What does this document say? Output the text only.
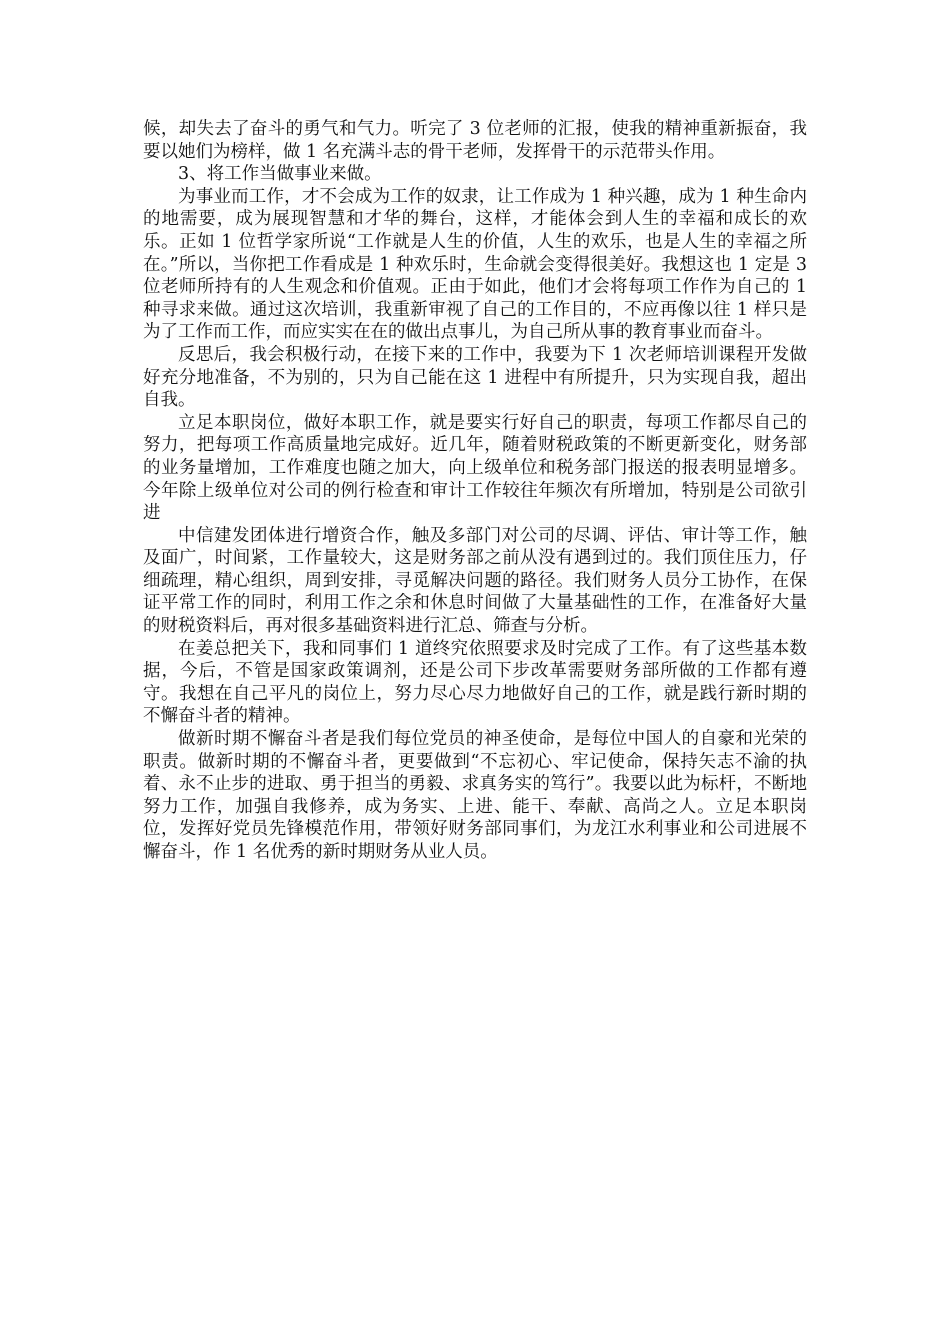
候，却失去了奋斗的勇气和气力。听完了 3 位老师的汇报，使我的精神重新振奋，我要以她们为榜样，做 1 名充满斗志的骨干老师，发挥骨干的示范带头作用。

3、将工作当做事业来做。

为事业而工作，才不会成为工作的奴隶，让工作成为 1 种兴趣，成为 1 种生命内的地需要，成为展现智慧和才华的舞台，这样，才能体会到人生的幸福和成长的欢乐。正如 1 位哲学家所说“工作就是人生的价值，人生的欢乐，也是人生的幸福之所在。”所以，当你把工作看成是 1 种欢乐时，生命就会变得很美好。我想这也 1 定是 3 位老师所持有的人生观念和价值观。正由于如此，他们才会将每项工作作为自己的 1 种寻求来做。通过这次培训，我重新审视了自己的工作目的，不应再像以往 1 样只是为了工作而工作，而应实实在在的做出点事儿，为自己所从事的教育事业而奋斗。

反思后，我会积极行动，在接下来的工作中，我要为下 1 次老师培训课程开发做好充分地准备，不为别的，只为自己能在这 1 进程中有所提升，只为实现自我，超出自我。

立足本职岗位，做好本职工作，就是要实行好自己的职责，每项工作都尽自己的努力，把每项工作高质量地完成好。近几年，随着财税政策的不断更新变化，财务部的业务量增加，工作难度也随之加大，向上级单位和税务部门报送的报表明显增多。今年除上级单位对公司的例行检查和审计工作较往年频次有所增加，特别是公司欲引进

中信建发团体进行增资合作，触及多部门对公司的尽调、评估、审计等工作，触及面广，时间紧，工作量较大，这是财务部之前从没有遇到过的。我们顶住压力，仔细疏理，精心组织，周到安排，寻觅解决问题的路径。我们财务人员分工协作，在保证平常工作的同时，利用工作之余和休息时间做了大量基础性的工作，在准备好大量的财税资料后，再对很多基础资料进行汇总、筛查与分析。

在姜总把关下，我和同事们 1 道终究依照要求及时完成了工作。有了这些基本数据，今后，不管是国家政策调剂，还是公司下步改革需要财务部所做的工作都有遵守。我想在自己平凡的岗位上，努力尽心尽力地做好自己的工作，就是践行新时期的不懈奋斗者的精神。

做新时期不懈奋斗者是我们每位党员的神圣使命，是每位中国人的自豪和光荣的职责。做新时期的不懈奋斗者，更要做到“不忘初心、牢记使命，保持矢志不渝的执着、永不止步的进取、勇于担当的勇毅、求真务实的笃行”。我要以此为标杆，不断地努力工作，加强自我修养，成为务实、上进、能干、奉献、高尚之人。立足本职岗位，发挥好党员先锋模范作用，带领好财务部同事们，为龙江水利事业和公司进展不懈奋斗，作 1 名优秀的新时期财务从业人员。
